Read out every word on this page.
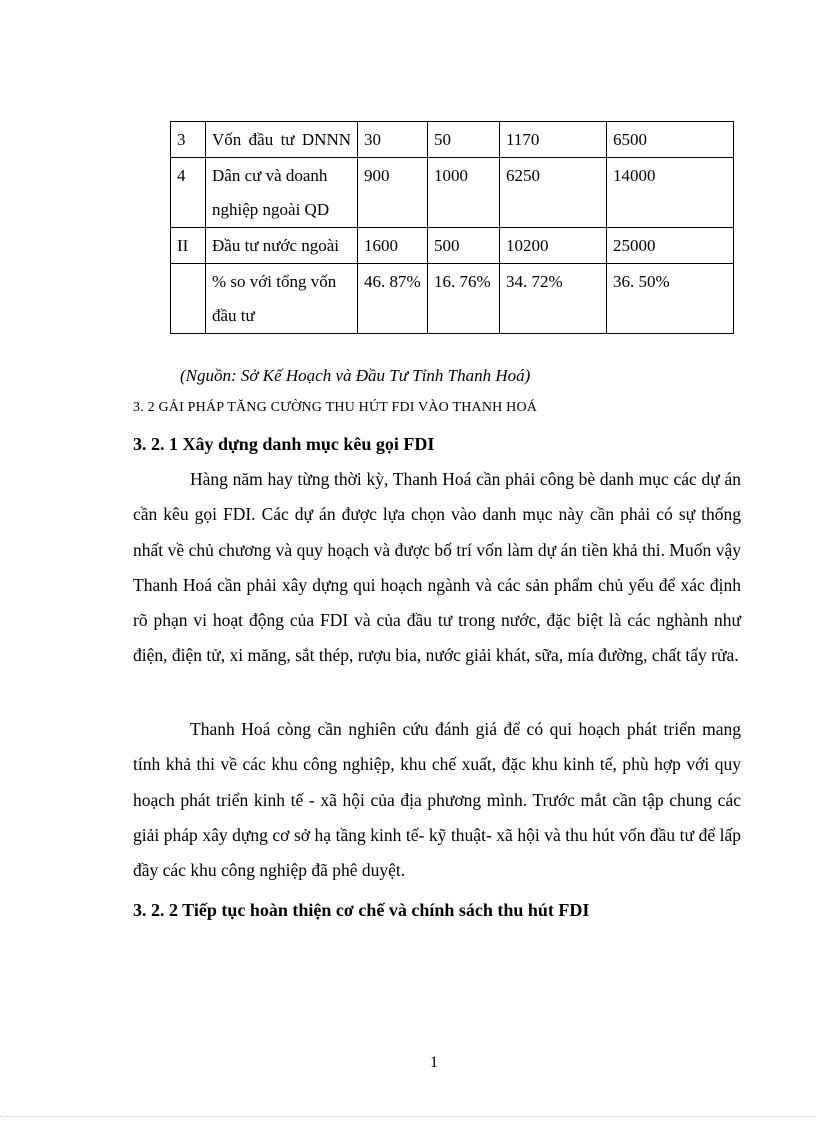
3	Vốn đầu tư DNNN	30	50	1170	6500
4	Dân cư và doanh nghiệp ngoài QD	900	1000	6250	14000
II	Đầu tư nước ngoài	1600	500	10200	25000
	% so với tổng vốn đầu tư	46. 87%	16. 76%	34. 72%	36. 50%
(Nguồn: Sở Kế Hoạch và Đầu Tư Tỉnh Thanh Hoá)
3. 2 GẢI PHÁP TĂNG CƯỜNG THU HÚT FDI VÀO THANH HOÁ
3. 2. 1 Xây dựng danh mục kêu gọi FDI

Hàng năm hay từng thời kỳ, Thanh Hoá cần phải công bè danh mục các dự án cần kêu gọi FDI. Các dự án được lựa chọn vào danh mục này cần phải có sự thống nhất về chủ chương và quy hoạch và được bố trí vốn làm dự án tiền khả thi. Muốn vậy Thanh Hoá cần phải xây dựng qui hoạch ngành và các sản phẩm chủ yếu để xác định rõ phạn vi hoạt động của FDI và của đầu tư trong nước, đặc biệt là các nghành như điện, điện tử, xi măng, sắt thép, rượu bia, nước giải khát, sữa, mía đường, chất tẩy rửa.

Thanh Hoá còng cần nghiên cứu đánh giá để có qui hoạch phát triển mang tính khả thi về các khu công nghiệp, khu chế xuất, đặc khu kinh tế, phù hợp với quy hoạch phát triển kinh tế - xã hội của địa phương mình. Trước mắt cần tập chung các giải pháp xây dựng cơ sở hạ tầng kinh tế- kỹ thuật- xã hội và thu hút vốn đầu tư để lấp đầy các khu công nghiệp đã phê duyệt.

3. 2. 2 Tiếp tục hoàn thiện cơ chế và chính sách thu hút FDI
1
